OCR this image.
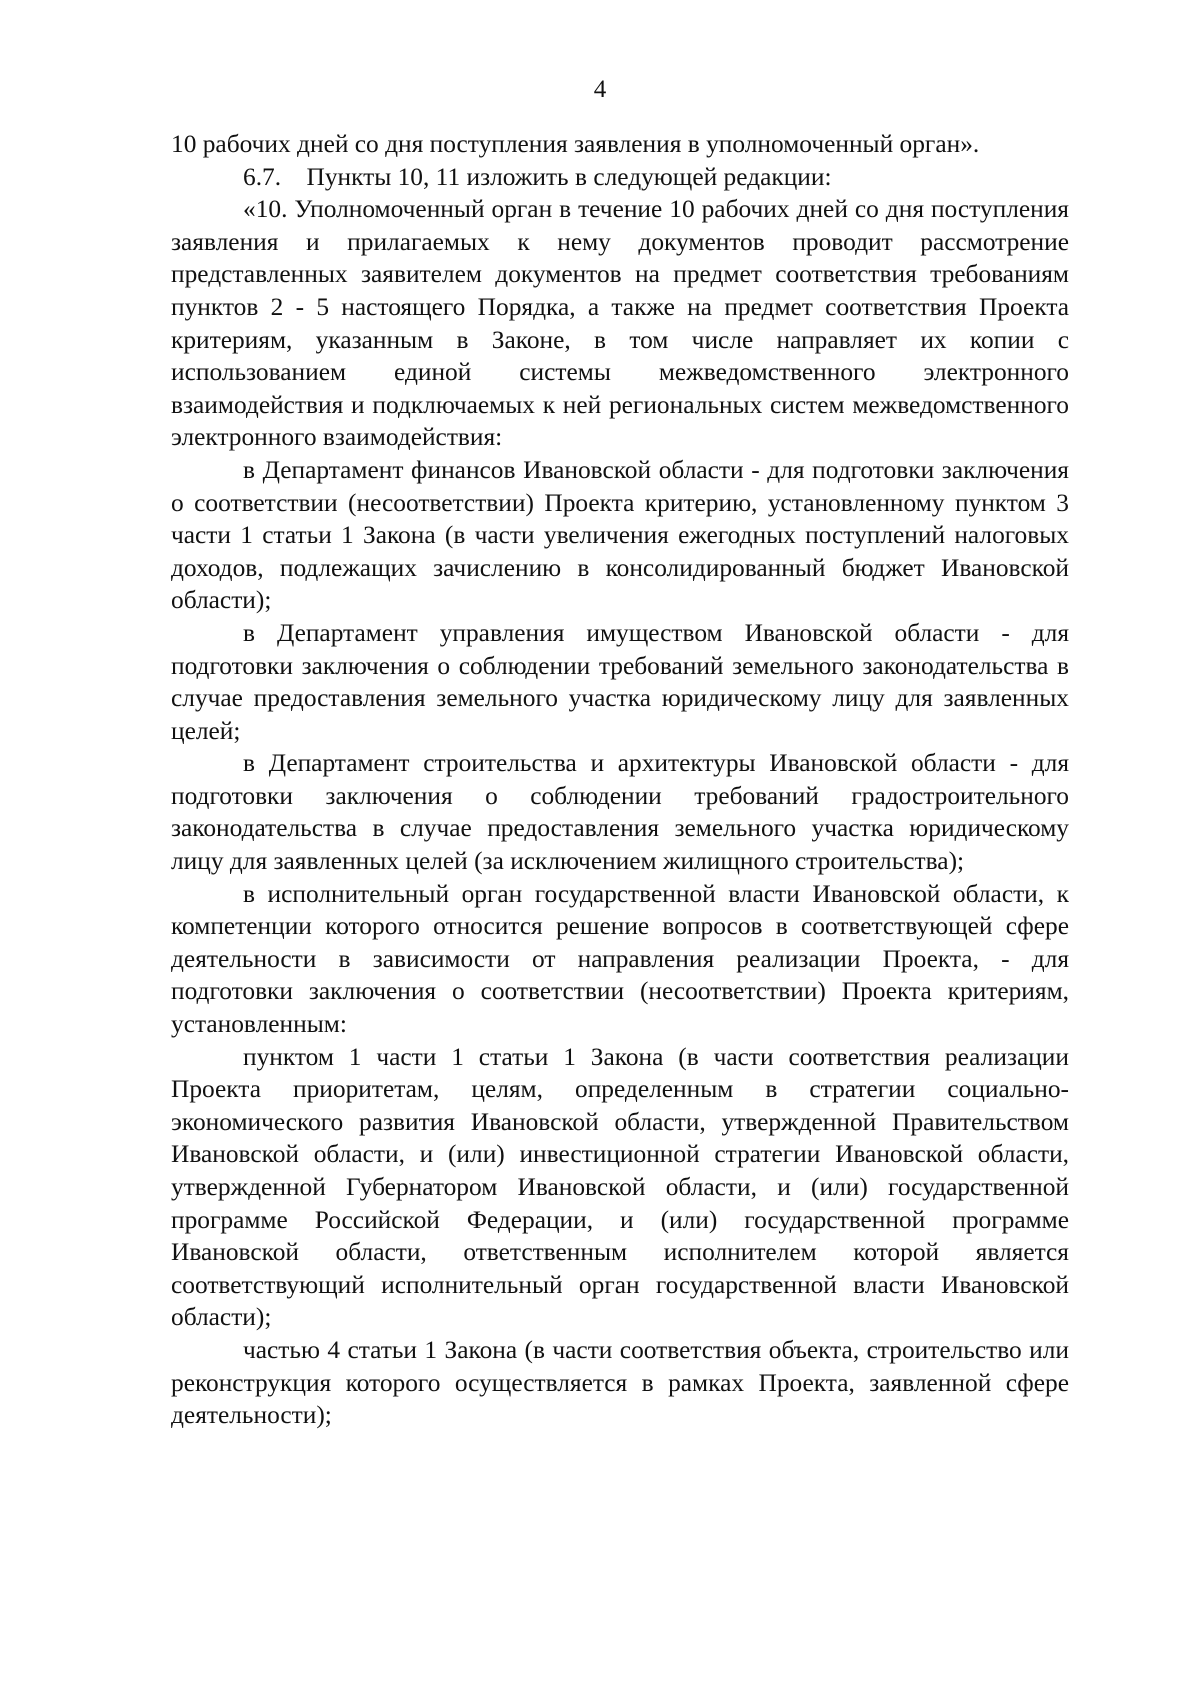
4

10 рабочих дней со дня поступления заявления в уполномоченный орган».

6.7. Пункты 10, 11 изложить в следующей редакции:

«10. Уполномоченный орган в течение 10 рабочих дней со дня поступления заявления и прилагаемых к нему документов проводит рассмотрение представленных заявителем документов на предмет соответствия требованиям пунктов 2 - 5 настоящего Порядка, а также на предмет соответствия Проекта критериям, указанным в Законе, в том числе направляет их копии с использованием единой системы межведомственного электронного взаимодействия и подключаемых к ней региональных систем межведомственного электронного взаимодействия:

в Департамент финансов Ивановской области - для подготовки заключения о соответствии (несоответствии) Проекта критерию, установленному пунктом 3 части 1 статьи 1 Закона (в части увеличения ежегодных поступлений налоговых доходов, подлежащих зачислению в консолидированный бюджет Ивановской области);

в Департамент управления имуществом Ивановской области - для подготовки заключения о соблюдении требований земельного законодательства в случае предоставления земельного участка юридическому лицу для заявленных целей;

в Департамент строительства и архитектуры Ивановской области - для подготовки заключения о соблюдении требований градостроительного законодательства в случае предоставления земельного участка юридическому лицу для заявленных целей (за исключением жилищного строительства);

в исполнительный орган государственной власти Ивановской области, к компетенции которого относится решение вопросов в соответствующей сфере деятельности в зависимости от направления реализации Проекта, - для подготовки заключения о соответствии (несоответствии) Проекта критериям, установленным:

пунктом 1 части 1 статьи 1 Закона (в части соответствия реализации Проекта приоритетам, целям, определенным в стратегии социально-экономического развития Ивановской области, утвержденной Правительством Ивановской области, и (или) инвестиционной стратегии Ивановской области, утвержденной Губернатором Ивановской области, и (или) государственной программе Российской Федерации, и (или) государственной программе Ивановской области, ответственным исполнителем которой является соответствующий исполнительный орган государственной власти Ивановской области);

частью 4 статьи 1 Закона (в части соответствия объекта, строительство или реконструкция которого осуществляется в рамках Проекта, заявленной сфере деятельности);
